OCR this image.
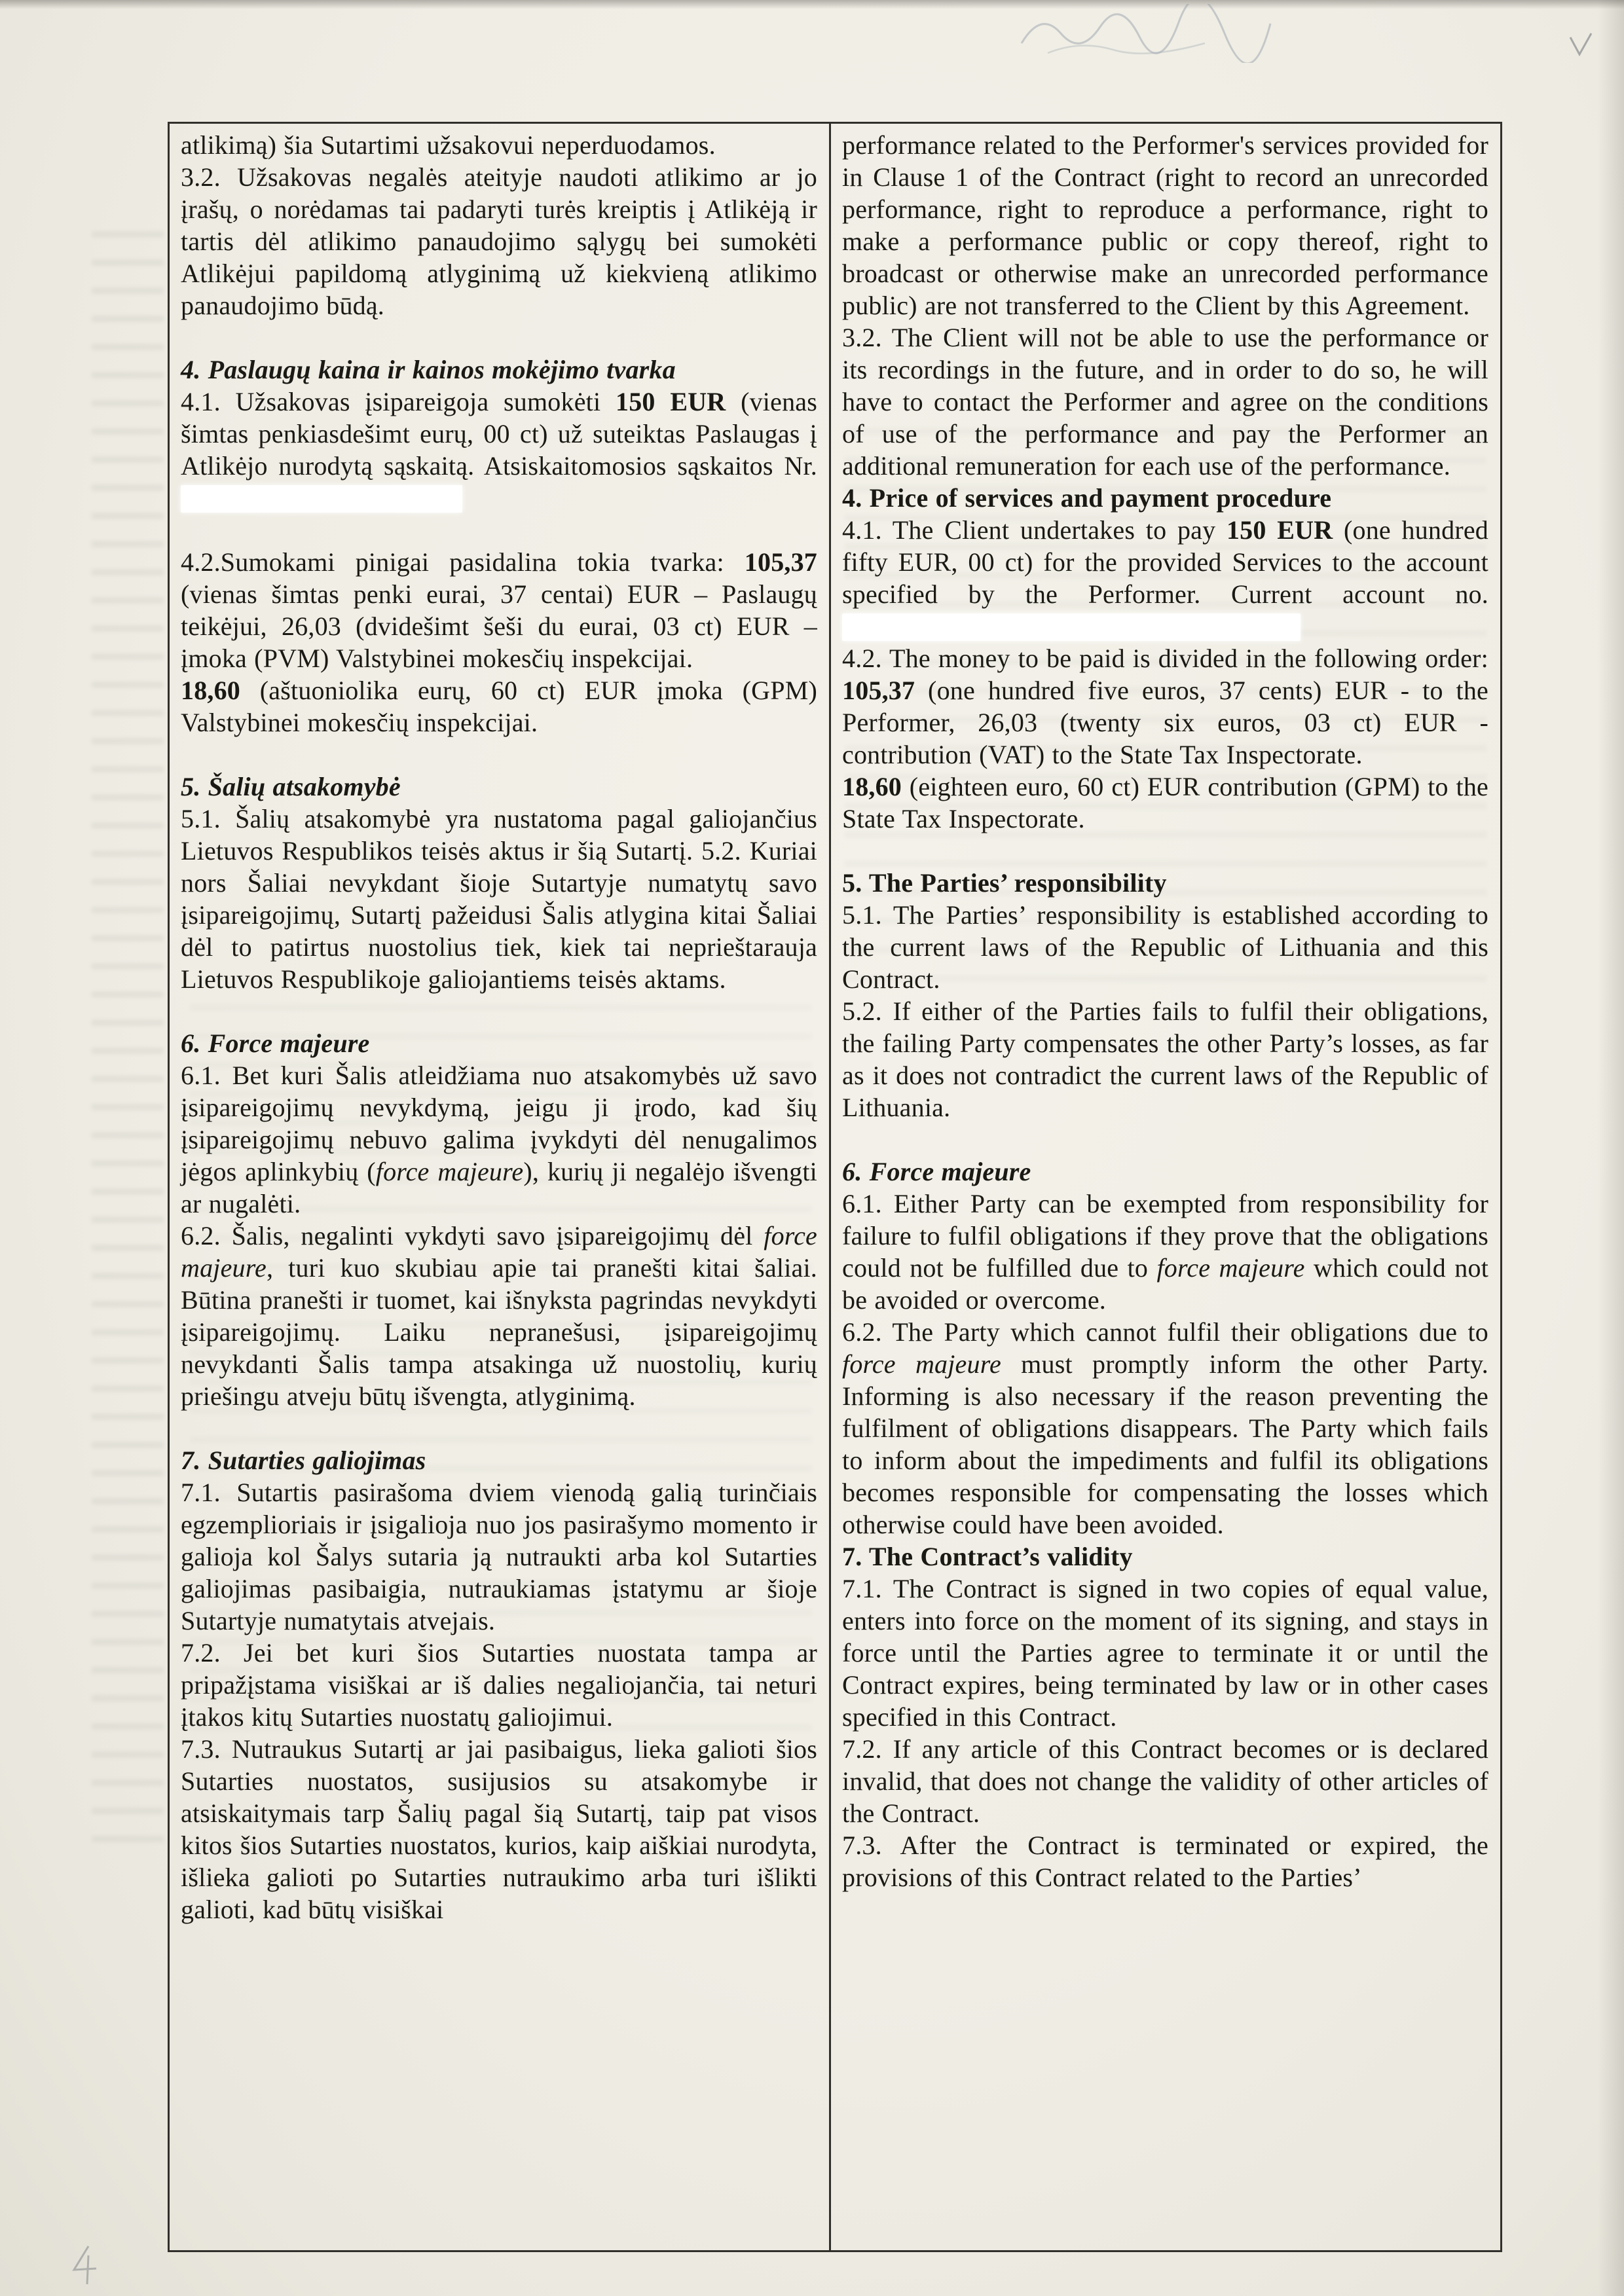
atlikimą) šia Sutartimi užsakovui neperduodamos.

3.2. Užsakovas negalės ateityje naudoti atlikimo ar jo įrašų, o norėdamas tai padaryti turės kreiptis į Atlikėją ir tartis dėl atlikimo panaudojimo sąlygų bei sumokėti Atlikėjui papildomą atlyginimą už kiekvieną atlikimo panaudojimo būdą.

4. Paslaugų kaina ir kainos mokėjimo tvarka

4.1. Užsakovas įsipareigoja sumokėti 150 EUR (vienas šimtas penkiasdešimt eurų, 00 ct) už suteiktas Paslaugas į Atlikėjo nurodytą sąskaitą. Atsiskaitomosios sąskaitos Nr.

4.2.Sumokami pinigai pasidalina tokia tvarka: 105,37 (vienas šimtas penki eurai, 37 centai) EUR – Paslaugų teikėjui, 26,03 (dvidešimt šeši du eurai, 03 ct) EUR – įmoka (PVM) Valstybinei mokesčių inspekcijai.

18,60 (aštuoniolika eurų, 60 ct) EUR įmoka (GPM) Valstybinei mokesčių inspekcijai.

5. Šalių atsakomybė

5.1. Šalių atsakomybė yra nustatoma pagal galiojančius Lietuvos Respublikos teisės aktus ir šią Sutartį. 5.2. Kuriai nors Šaliai nevykdant šioje Sutartyje numatytų savo įsipareigojimų, Sutartį pažeidusi Šalis atlygina kitai Šaliai dėl to patirtus nuostolius tiek, kiek tai neprieštarauja Lietuvos Respublikoje galiojantiems teisės aktams.

6. Force majeure

6.1. Bet kuri Šalis atleidžiama nuo atsakomybės už savo įsipareigojimų nevykdymą, jeigu ji įrodo, kad šių įsipareigojimų nebuvo galima įvykdyti dėl nenugalimos jėgos aplinkybių (force majeure), kurių ji negalėjo išvengti ar nugalėti.

6.2. Šalis, negalinti vykdyti savo įsipareigojimų dėl force majeure, turi kuo skubiau apie tai pranešti kitai šaliai. Būtina pranešti ir tuomet, kai išnyksta pagrindas nevykdyti įsipareigojimų. Laiku nepranešusi, įsipareigojimų nevykdanti Šalis tampa atsakinga už nuostolių, kurių priešingu atveju būtų išvengta, atlyginimą.

7. Sutarties galiojimas

7.1. Sutartis pasirašoma dviem vienodą galią turinčiais egzemplioriais ir įsigalioja nuo jos pasirašymo momento ir galioja kol Šalys sutaria ją nutraukti arba kol Sutarties galiojimas pasibaigia, nutraukiamas įstatymu ar šioje Sutartyje numatytais atvejais.

7.2. Jei bet kuri šios Sutarties nuostata tampa ar pripažįstama visiškai ar iš dalies negaliojančia, tai neturi įtakos kitų Sutarties nuostatų galiojimui.

7.3. Nutraukus Sutartį ar jai pasibaigus, lieka galioti šios Sutarties nuostatos, susijusios su atsakomybe ir atsiskaitymais tarp Šalių pagal šią Sutartį, taip pat visos kitos šios Sutarties nuostatos, kurios, kaip aiškiai nurodyta, išlieka galioti po Sutarties nutraukimo arba turi išlikti galioti, kad būtų visiškai

performance related to the Performer's services provided for in Clause 1 of the Contract (right to record an unrecorded performance, right to reproduce a performance, right to make a performance public or copy thereof, right to broadcast or otherwise make an unrecorded performance public) are not transferred to the Client by this Agreement.

3.2. The Client will not be able to use the performance or its recordings in the future, and in order to do so, he will have to contact the Performer and agree on the conditions of use of the performance and pay the Performer an additional remuneration for each use of the performance.

4. Price of services and payment procedure

4.1. The Client undertakes to pay 150 EUR (one hundred fifty EUR, 00 ct) for the provided Services to the account specified by the Performer. Current account no.

4.2. The money to be paid is divided in the following order: 105,37 (one hundred five euros, 37 cents) EUR - to the Performer, 26,03 (twenty six euros, 03 ct) EUR - contribution (VAT) to the State Tax Inspectorate.

18,60 (eighteen euro, 60 ct) EUR contribution (GPM) to the State Tax Inspectorate.

5. The Parties’ responsibility

5.1. The Parties’ responsibility is established according to the current laws of the Republic of Lithuania and this Contract.

5.2. If either of the Parties fails to fulfil their obligations, the failing Party compensates the other Party’s losses, as far as it does not contradict the current laws of the Republic of Lithuania.

6. Force majeure

6.1. Either Party can be exempted from responsibility for failure to fulfil obligations if they prove that the obligations could not be fulfilled due to force majeure which could not be avoided or overcome.

6.2. The Party which cannot fulfil their obligations due to force majeure must promptly inform the other Party. Informing is also necessary if the reason preventing the fulfilment of obligations disappears. The Party which fails to inform about the impediments and fulfil its obligations becomes responsible for compensating the losses which otherwise could have been avoided.

7. The Contract’s validity

7.1. The Contract is signed in two copies of equal value, enters into force on the moment of its signing, and stays in force until the Parties agree to terminate it or until the Contract expires, being terminated by law or in other cases specified in this Contract.

7.2. If any article of this Contract becomes or is declared invalid, that does not change the validity of other articles of the Contract.

7.3. After the Contract is terminated or expired, the provisions of this Contract related to the Parties’
